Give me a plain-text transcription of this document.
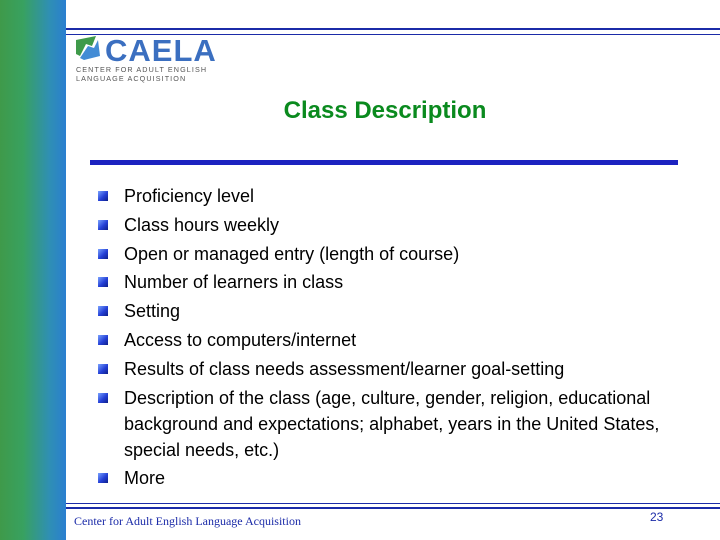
CAELA
CENTER FOR ADULT ENGLISH
LANGUAGE ACQUISITION
Class Description
Proficiency level
Class hours weekly
Open or managed entry (length of course)
Number of learners in class
Setting
Access to computers/internet
Results of class needs assessment/learner goal-setting
Description of the class (age, culture, gender, religion, educational background and expectations; alphabet, years in the United States, special needs, etc.)
More
Center for Adult English Language Acquisition	23
